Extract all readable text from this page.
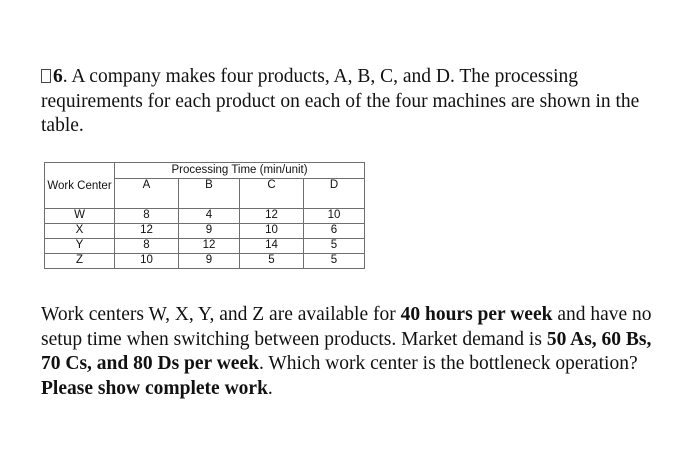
6. A company makes four products, A, B, C, and D. The processing requirements for each product on each of the four machines are shown in the table.
	Processing Time (min/unit)			
Work Center	A	B	C	D
W	8	4	12	10
X	12	9	10	6
Y	8	12	14	5
Z	10	9	5	5
Work centers W, X, Y, and Z are available for 40 hours per week and have no setup time when switching between products. Market demand is 50 As, 60 Bs, 70 Cs, and 80 Ds per week. Which work center is the bottleneck operation? Please show complete work.
